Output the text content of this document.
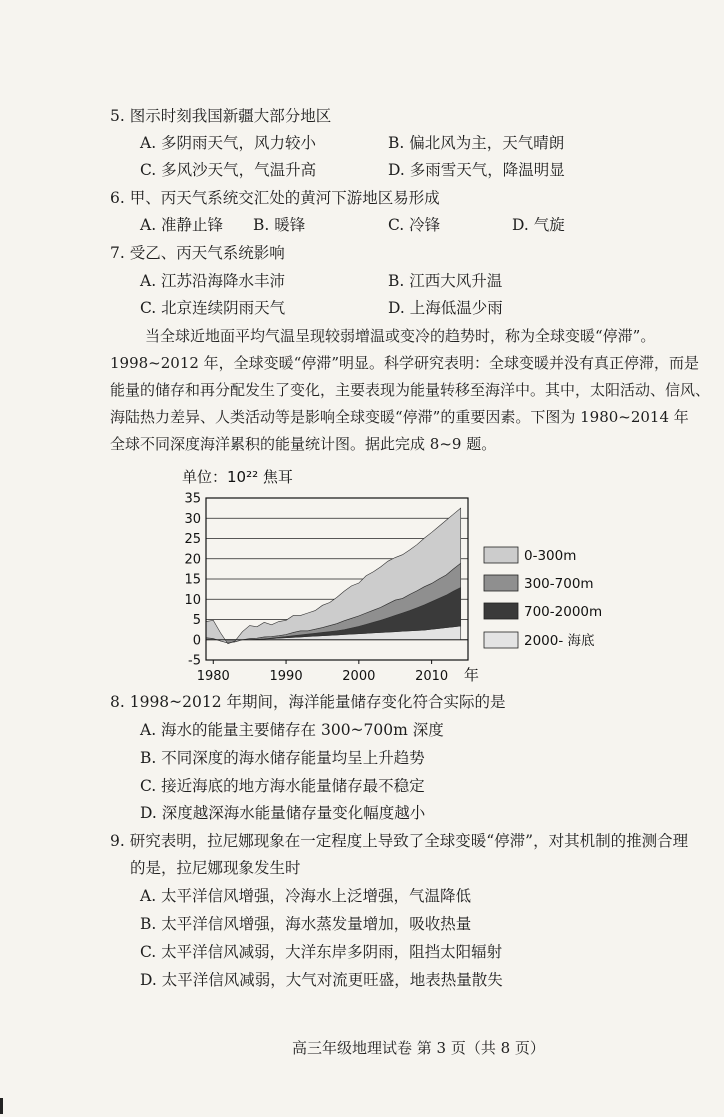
5. 图示时刻我国新疆大部分地区
A. 多阴雨天气，风力较小	B. 偏北风为主，天气晴朗
C. 多风沙天气，气温升高	D. 多雨雪天气，降温明显
6. 甲、丙天气系统交汇处的黄河下游地区易形成
A. 准静止锋 B. 暖锋	C. 冷锋	D. 气旋
7. 受乙、丙天气系统影响
A. 江苏沿海降水丰沛	B. 江西大风升温
C. 北京连续阴雨天气	D. 上海低温少雨
当全球近地面平均气温呈现较弱增温或变冷的趋势时，称为全球变暖“停滞”。
1998~2012 年，全球变暖“停滞”明显。科学研究表明：全球变暖并没有真正停滞，而是
能量的储存和再分配发生了变化，主要表现为能量转移至海洋中。其中，太阳活动、信风、
海陆热力差异、人类活动等是影响全球变暖“停滞”的重要因素。下图为 1980~2014 年
全球不同深度海洋累积的能量统计图。据此完成 8~9 题。
单位：10²² 焦耳
-5
0
5
10
15
20
25
30
35
1980	1990	2000	2010 年
0-300m
300-700m
700-2000m
2000- 海底
8. 1998~2012 年期间，海洋能量储存变化符合实际的是
A. 海水的能量主要储存在 300~700m 深度
B. 不同深度的海水储存能量均呈上升趋势
C. 接近海底的地方海水能量储存最不稳定
D. 深度越深海水能量储存量变化幅度越小
9. 研究表明，拉尼娜现象在一定程度上导致了全球变暖“停滞”，对其机制的推测合理
的是，拉尼娜现象发生时
A. 太平洋信风增强，冷海水上泛增强，气温降低
B. 太平洋信风增强，海水蒸发量增加，吸收热量
C. 太平洋信风减弱，大洋东岸多阴雨，阻挡太阳辐射
D. 太平洋信风减弱，大气对流更旺盛，地表热量散失
高三年级地理试卷 第 3 页（共 8 页）
